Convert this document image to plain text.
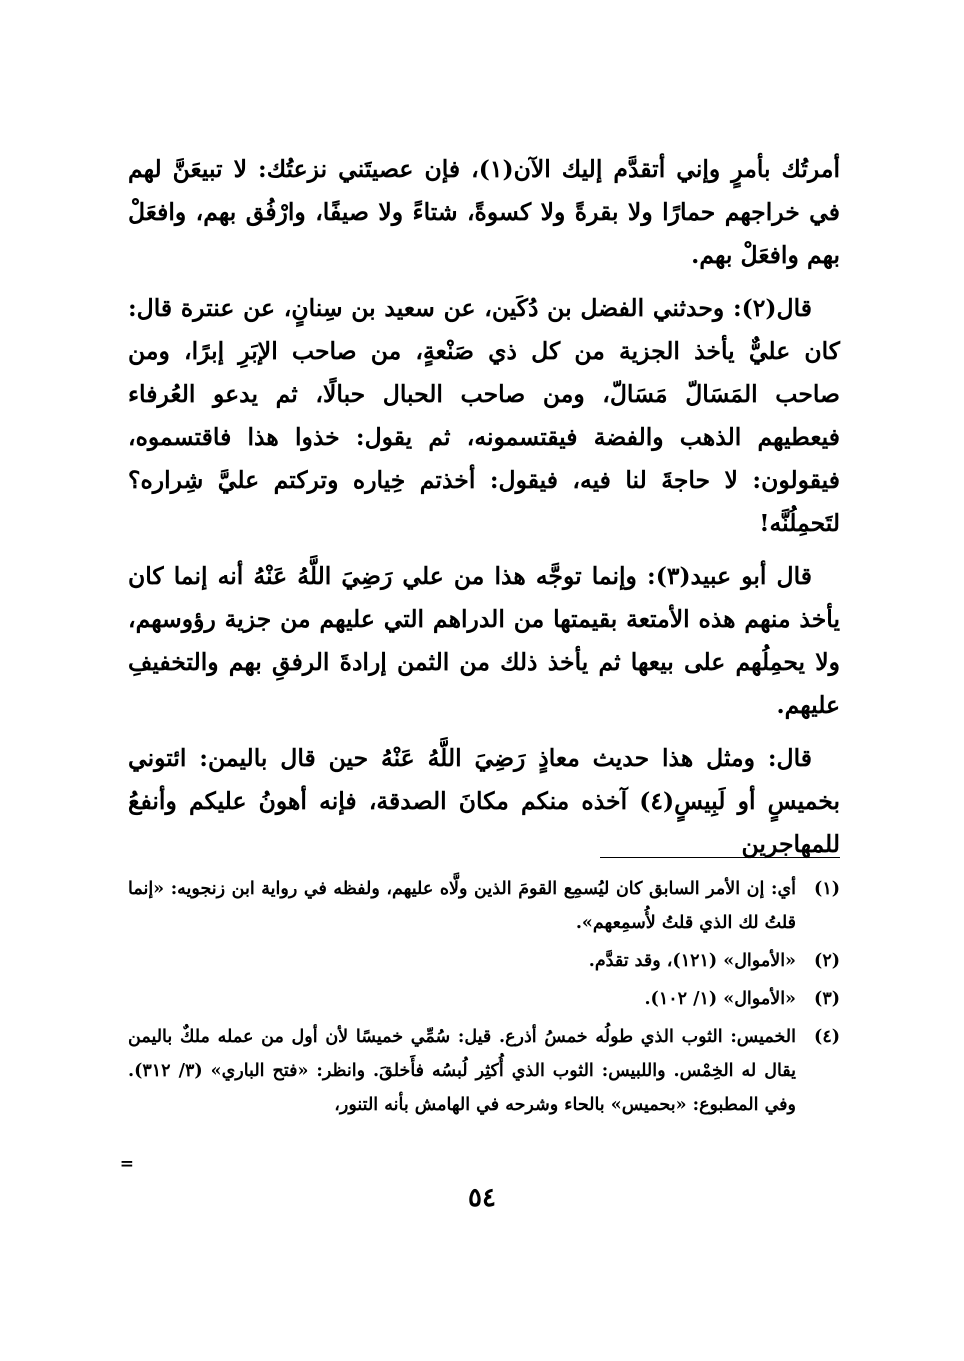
أمرتُك بأمرٍ وإني أتقدَّم إليك الآن(١)، فإن عصيتَني نزعتُك: لا تبيعَنَّ لهم في خراجهم حمارًا ولا بقرةً ولا كسوةً، شتاءً ولا صيفًا، وارْفُق بهم، وافعَلْ بهم وافعَلْ بهم.

قال(٢): وحدثني الفضل بن دُكَين، عن سعيد بن سِنانٍ، عن عنترة قال: كان عليٌّ يأخذ الجزية من كل ذي صَنْعةٍ، من صاحب الإبَرِ إبرًا، ومن صاحب المَسَالّ مَسَالّ، ومن صاحب الحبال حبالًا، ثم يدعو العُرفاء فيعطيهم الذهب والفضة فيقتسمونه، ثم يقول: خذوا هذا فاقتسموه، فيقولون: لا حاجةَ لنا فيه، فيقول: أخذتم خِياره وتركتم عليَّ شِراره؟ لتَحمِلُنَّه!

قال أبو عبيد(٣): وإنما توجَّه هذا من علي رَضِيَ اللَّهُ عَنْهُ أنه إنما كان يأخذ منهم هذه الأمتعة بقيمتها من الدراهم التي عليهم من جزية رؤوسهم، ولا يحمِلُهم على بيعها ثم يأخذ ذلك من الثمن إرادةَ الرفقِ بهم والتخفيفِ عليهم.

قال: ومثل هذا حديث معاذٍ رَضِيَ اللَّهُ عَنْهُ حين قال باليمن: ائتوني بخميسٍ أو لَبِيسٍ(٤) آخذه منكم مكانَ الصدقة، فإنه أهونُ عليكم وأنفعُ للمهاجرين

(١)
أي: إن الأمر السابق كان ليُسمِع القومَ الذين ولَّاه عليهم، ولفظه في رواية ابن زنجويه: «إنما قلتُ لك الذي قلتُ لأُسمِعهم».
(٢)
«الأموال» (١٢١)، وقد تقدَّم.
(٣)
«الأموال» (١/ ١٠٢).
(٤)
الخميس: الثوب الذي طولُه خمسُ أذرع. قيل: سُمِّي خميسًا لأن أول من عمله ملكٌ باليمن يقال له الخِمْس. واللبيس: الثوب الذي أُكثِر لُبسُه فأَخلقَ. وانظر: «فتح الباري» (٣/ ٣١٢). وفي المطبوع: «بحميس» بالحاء وشرحه في الهامش بأنه التنور،
=
٥٤
